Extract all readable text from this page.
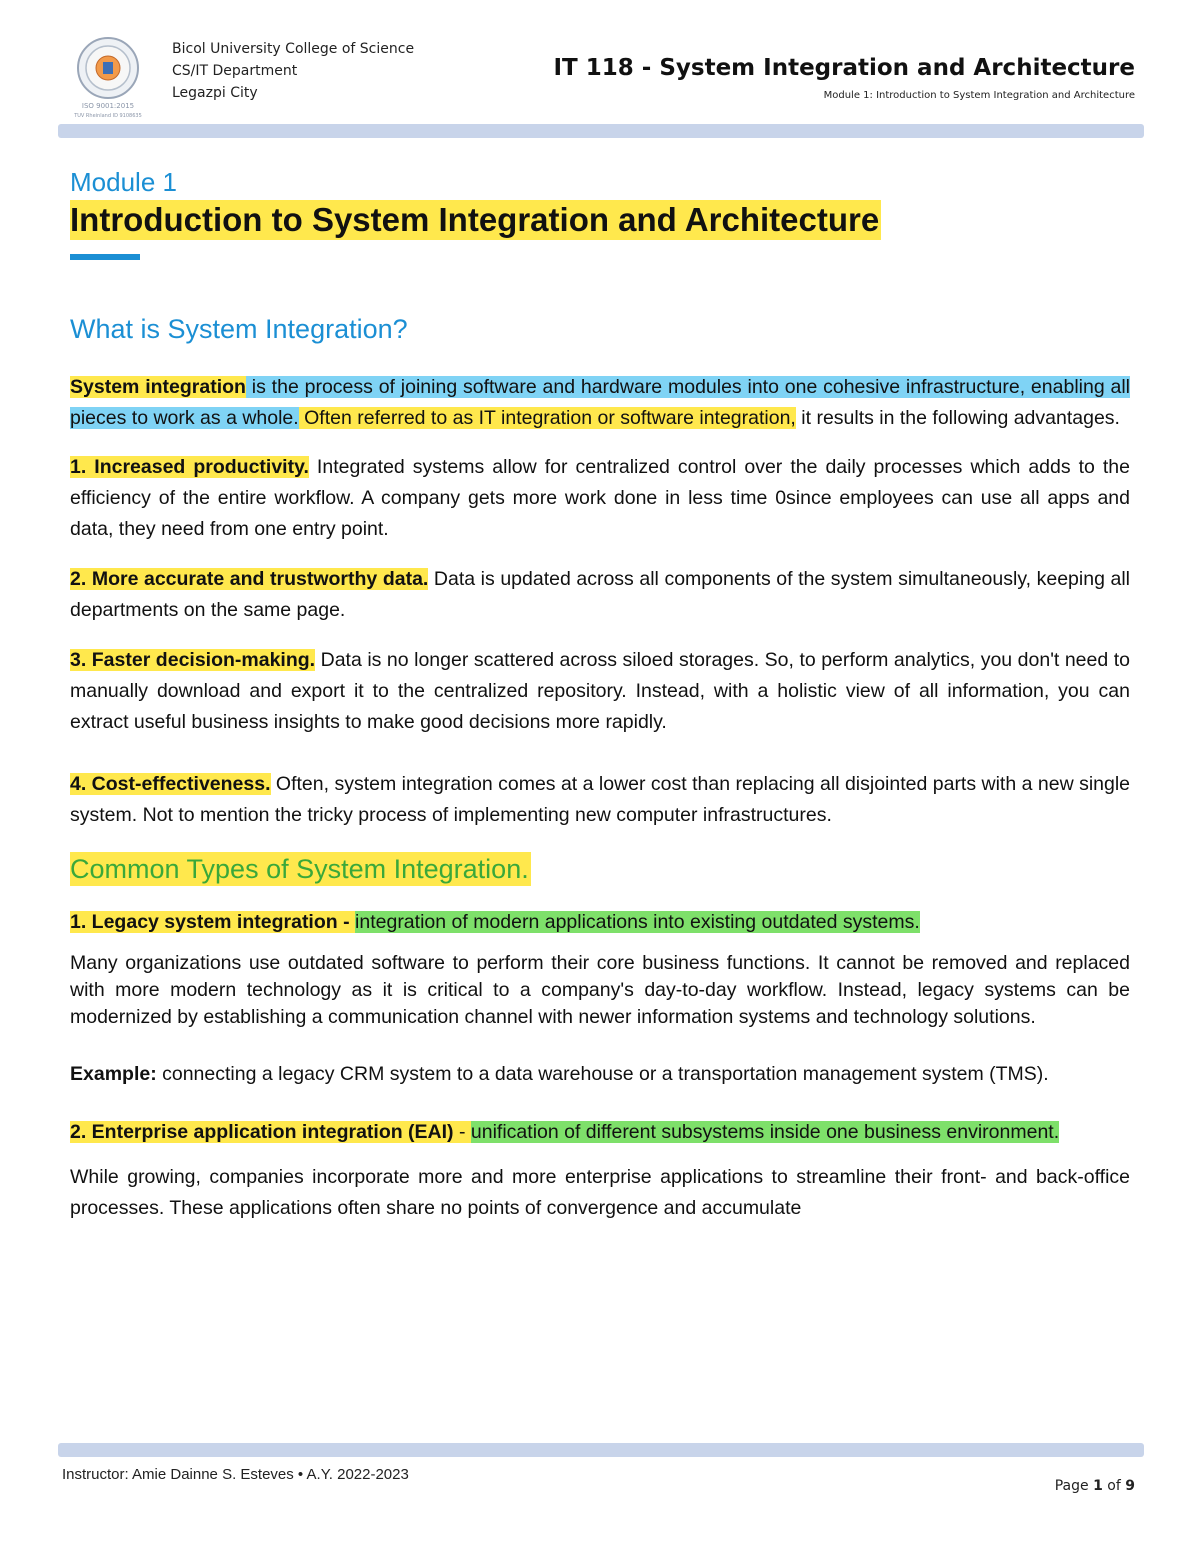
ISO 9001:2015
TUV Rheinland ID 9108635
Bicol University College of Science
CS/IT Department
Legazpi City
IT 118 - System Integration and Architecture
Module 1: Introduction to System Integration and Architecture
Module 1
Introduction to System Integration and Architecture
What is System Integration?

System integration is the process of joining software and hardware modules into one cohesive infrastructure, enabling all pieces to work as a whole. Often referred to as IT integration or software integration, it results in the following advantages.

1. Increased productivity. Integrated systems allow for centralized control over the daily processes which adds to the efficiency of the entire workflow. A company gets more work done in less time 0since employees can use all apps and data, they need from one entry point.

2. More accurate and trustworthy data. Data is updated across all components of the system simultaneously, keeping all departments on the same page.

3. Faster decision-making. Data is no longer scattered across siloed storages. So, to perform analytics, you don't need to manually download and export it to the centralized repository. Instead, with a holistic view of all information, you can extract useful business insights to make good decisions more rapidly.

4. Cost-effectiveness. Often, system integration comes at a lower cost than replacing all disjointed parts with a new single system. Not to mention the tricky process of implementing new computer infrastructures.

Common Types of System Integration.

1. Legacy system integration - integration of modern applications into existing outdated systems.

Many organizations use outdated software to perform their core business functions. It cannot be removed and replaced with more modern technology as it is critical to a company's day-to-day workflow. Instead, legacy systems can be modernized by establishing a communication channel with newer information systems and technology solutions.

Example: connecting a legacy CRM system to a data warehouse or a transportation management system (TMS).

2. Enterprise application integration (EAI) - unification of different subsystems inside one business environment.

While growing, companies incorporate more and more enterprise applications to streamline their front- and back-office processes. These applications often share no points of convergence and accumulate

Instructor: Amie Dainne S. Esteves • A.Y. 2022-2023
Page 1 of 9
